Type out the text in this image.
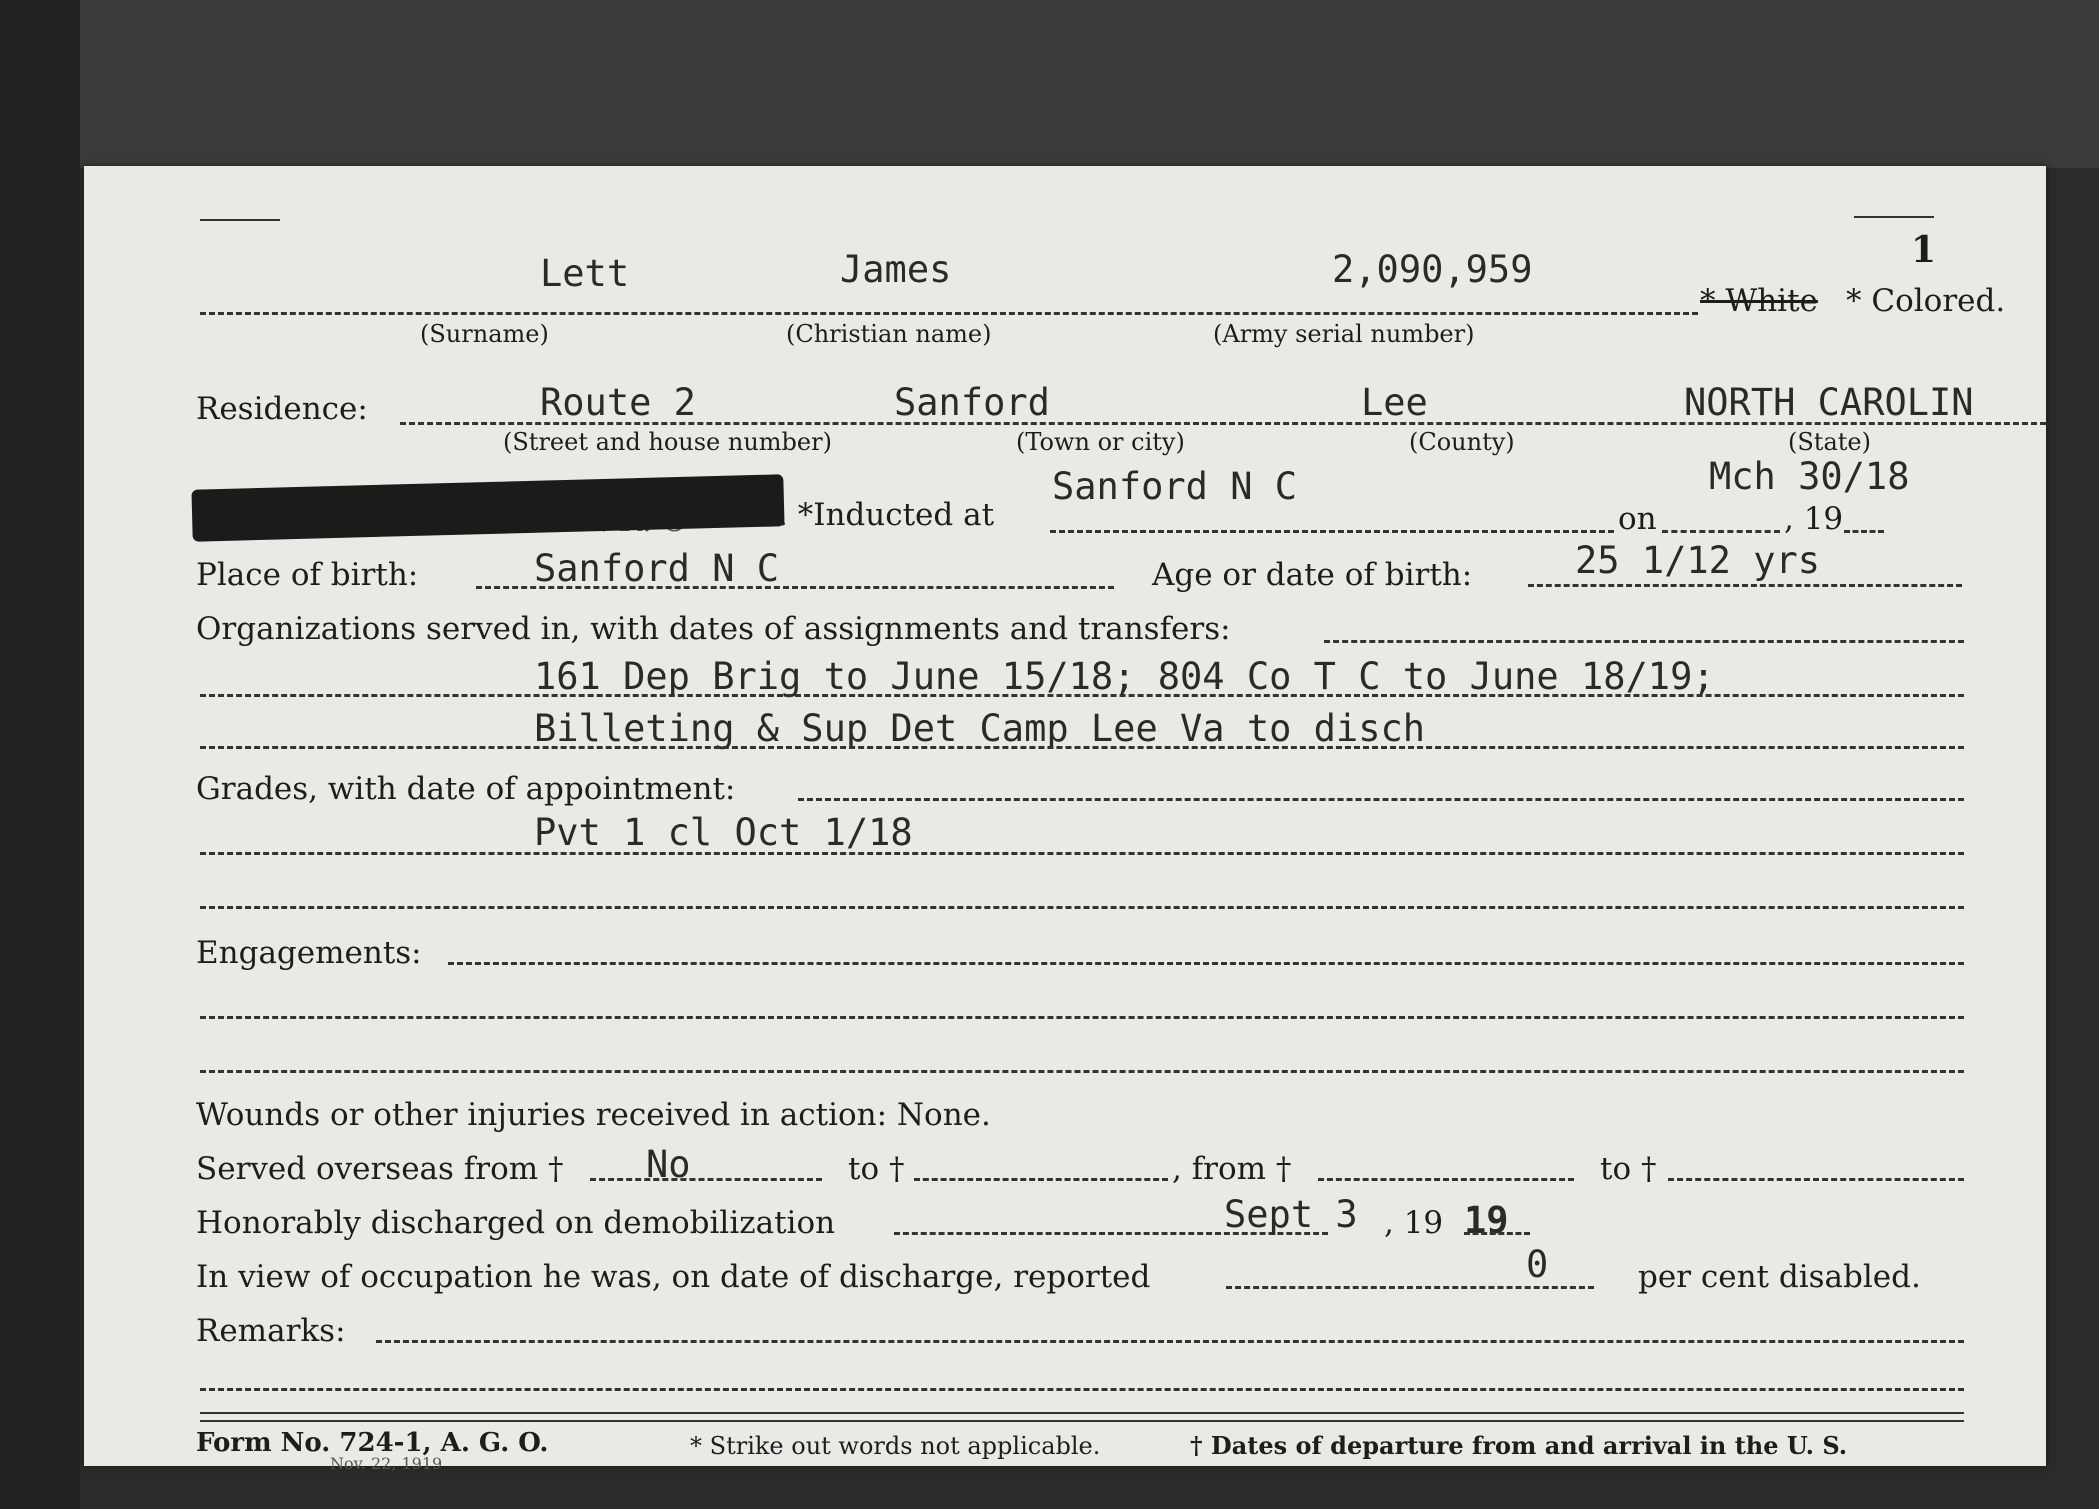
1
Lett	James	2,090,959
* White * Colored.
(Surname)	(Christian name)	(Army serial number)
Residence:	Route 2	Sanford	Lee	NORTH CAROLIN
(Street and house number)	(Town or city)	(County)	(State)
. *Inducted at
Sanford N C
on
Mch 30/18
, 19
Place of birth:	Sanford N C	Age or date of birth:	25 1/12 yrs
Organizations served in, with dates of assignments and transfers:
161 Dep Brig to June 15/18; 804 Co T C to June 18/19;
Billeting & Sup Det Camp Lee Va to disch
Grades, with date of appointment:
Pvt 1 cl Oct 1/18
Engagements:
Wounds or other injuries received in action: None.
Served overseas from † No	to †	, from †	to †
Honorably discharged on demobilization	Sept 3 , 19 19
In view of occupation he was, on date of discharge, reported	0	per cent disabled.
Remarks:
Form No. 724-1, A. G. O.
Nov. 22, 1919
* Strike out words not applicable.	† Dates of departure from and arrival in the U. S.
